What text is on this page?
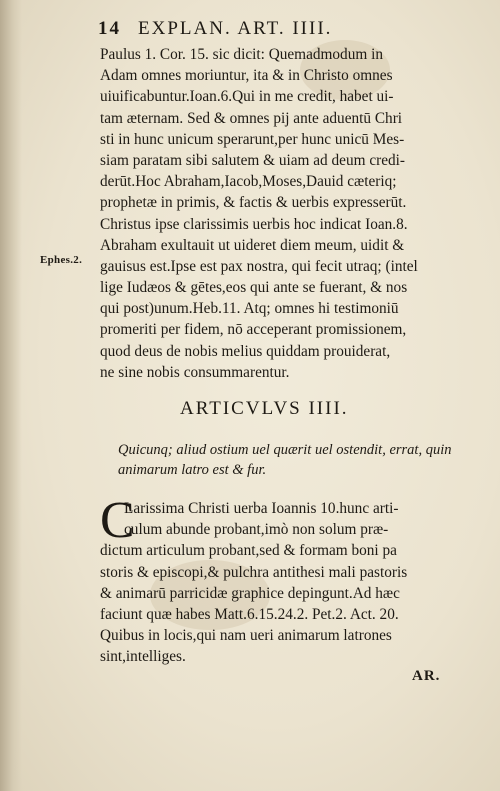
14 EXPLAN. ART. IIII.
Paulus 1. Cor. 15. sic dicit: Quemadmodum in
Adam omnes moriuntur, ita & in Christo omnes
uiuificabuntur.Ioan.6.Qui in me credit, habet ui-
tam æternam. Sed & omnes pij ante aduentū Chri
sti in hunc unicum sperarunt,per hunc unicū Mes-
siam paratam sibi salutem & uiam ad deum credi-
derūt.Hoc Abraham,Iacob,Moses,Dauid cæteriq;
prophetæ in primis, & factis & uerbis expresserūt.
Christus ipse clarissimis uerbis hoc indicat Ioan.8.
Abraham exultauit ut uideret diem meum, uidit &
gauisus est.Ipse est pax nostra, qui fecit utraq; (intel
lige Iudæos & gētes,eos qui ante se fuerant, & nos
qui post)unum.Heb.11. Atq; omnes hi testimoniū
promeriti per fidem, nō acceperant promissionem,
quod deus de nobis melius quiddam prouiderat,
ne sine nobis consummarentur.
Ephes.2.
ARTICVLVS IIII.
Quicunq; aliud ostium uel quærit uel ostendit, errat, quin
animarum latro est & fur.
C
Larissima Christi uerba Ioannis 10.hunc arti-
culum abunde probant,imò non solum præ-
dictum articulum probant,sed & formam boni pa
storis & episcopi,& pulchra antithesi mali pastoris
& animarū parricidæ graphice depingunt.Ad hæc
faciunt quæ habes Matt.6.15.24.2. Pet.2. Act. 20.
Quibus in locis,qui nam ueri animarum latrones
sint,intelliges.
AR.
